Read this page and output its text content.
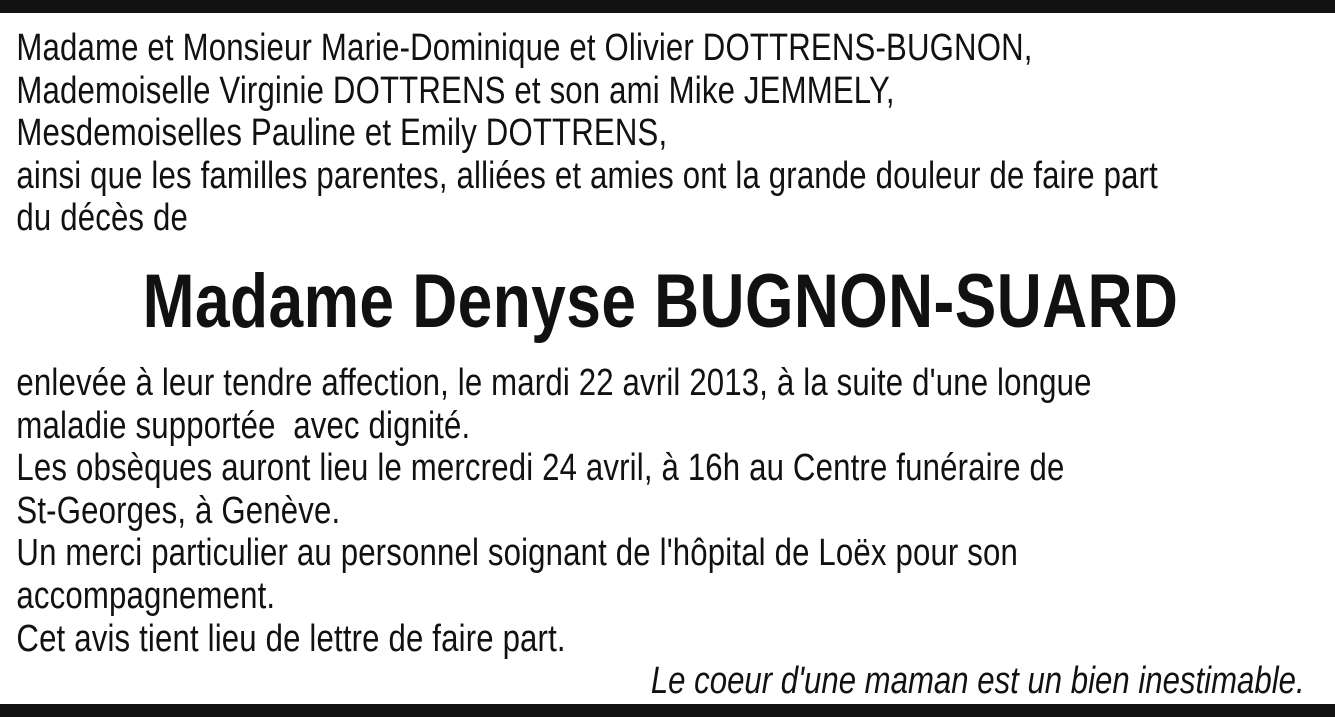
Madame et Monsieur Marie-Dominique et Olivier DOTTRENS-BUGNON,
Mademoiselle Virginie DOTTRENS et son ami Mike JEMMELY,
Mesdemoiselles Pauline et Emily DOTTRENS,
ainsi que les familles parentes, alliées et amies ont la grande douleur de faire part
du décès de
Madame Denyse BUGNON-SUARD
enlevée à leur tendre affection, le mardi 22 avril 2013, à la suite d'une longue
maladie supportée  avec dignité.
Les obsèques auront lieu le mercredi 24 avril, à 16h au Centre funéraire de
St-Georges, à Genève.
Un merci particulier au personnel soignant de l'hôpital de Loëx pour son
accompagnement.
Cet avis tient lieu de lettre de faire part.
Le coeur d'une maman est un bien inestimable.
